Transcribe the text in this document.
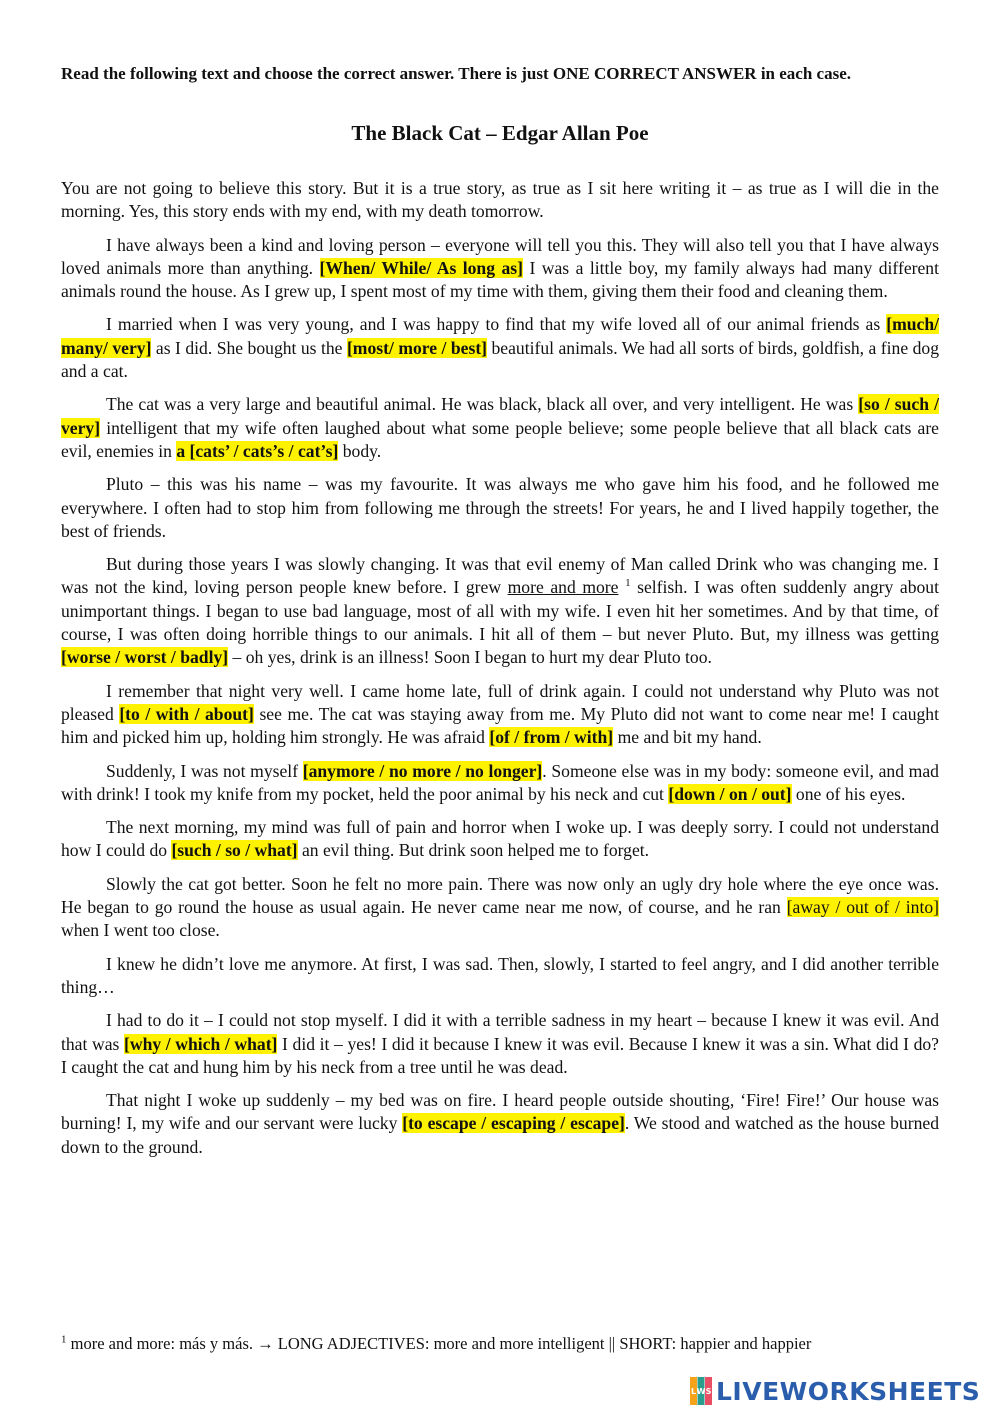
Read the following text and choose the correct answer. There is just ONE CORRECT ANSWER in each case.

The Black Cat – Edgar Allan Poe

You are not going to believe this story. But it is a true story, as true as I sit here writing it – as true as I will die in the morning. Yes, this story ends with my end, with my death tomorrow.

I have always been a kind and loving person – everyone will tell you this. They will also tell you that I have always loved animals more than anything. [When/ While/ As long as] I was a little boy, my family always had many different animals round the house. As I grew up, I spent most of my time with them, giving them their food and cleaning them.

I married when I was very young, and I was happy to find that my wife loved all of our animal friends as [much/ many/ very] as I did. She bought us the [most/ more / best] beautiful animals. We had all sorts of birds, goldfish, a fine dog and a cat.

The cat was a very large and beautiful animal. He was black, black all over, and very intelligent. He was [so / such / very] intelligent that my wife often laughed about what some people believe; some people believe that all black cats are evil, enemies in a [cats’ / cats’s / cat’s] body.

Pluto – this was his name – was my favourite. It was always me who gave him his food, and he followed me everywhere. I often had to stop him from following me through the streets! For years, he and I lived happily together, the best of friends.

But during those years I was slowly changing. It was that evil enemy of Man called Drink who was changing me. I was not the kind, loving person people knew before. I grew more and more $^1$ selfish. I was often suddenly angry about unimportant things. I began to use bad language, most of all with my wife. I even hit her sometimes. And by that time, of course, I was often doing horrible things to our animals. I hit all of them – but never Pluto. But, my illness was getting [worse / worst / badly] – oh yes, drink is an illness! Soon I began to hurt my dear Pluto too.

I remember that night very well. I came home late, full of drink again. I could not understand why Pluto was not pleased [to / with / about] see me. The cat was staying away from me. My Pluto did not want to come near me! I caught him and picked him up, holding him strongly. He was afraid [of / from / with] me and bit my hand.

Suddenly, I was not myself [anymore / no more / no longer]. Someone else was in my body: someone evil, and mad with drink! I took my knife from my pocket, held the poor animal by his neck and cut [down / on / out] one of his eyes.

The next morning, my mind was full of pain and horror when I woke up. I was deeply sorry. I could not understand how I could do [such / so / what] an evil thing. But drink soon helped me to forget.

Slowly the cat got better. Soon he felt no more pain. There was now only an ugly dry hole where the eye once was. He began to go round the house as usual again. He never came near me now, of course, and he ran [away / out of / into] when I went too close.

I knew he didn’t love me anymore. At first, I was sad. Then, slowly, I started to feel angry, and I did another terrible thing…

I had to do it – I could not stop myself. I did it with a terrible sadness in my heart – because I knew it was evil. And that was [why / which / what] I did it – yes! I did it because I knew it was evil. Because I knew it was a sin. What did I do? I caught the cat and hung him by his neck from a tree until he was dead.

That night I woke up suddenly – my bed was on fire. I heard people outside shouting, ‘Fire! Fire!’ Our house was burning! I, my wife and our servant were lucky [to escape / escaping / escape]. We stood and watched as the house burned down to the ground.

$^1$ more and more: más y más. → LONG ADJECTIVES: more and more intelligent || SHORT: happier and happier
L W S LIVEWORKSHEETS
